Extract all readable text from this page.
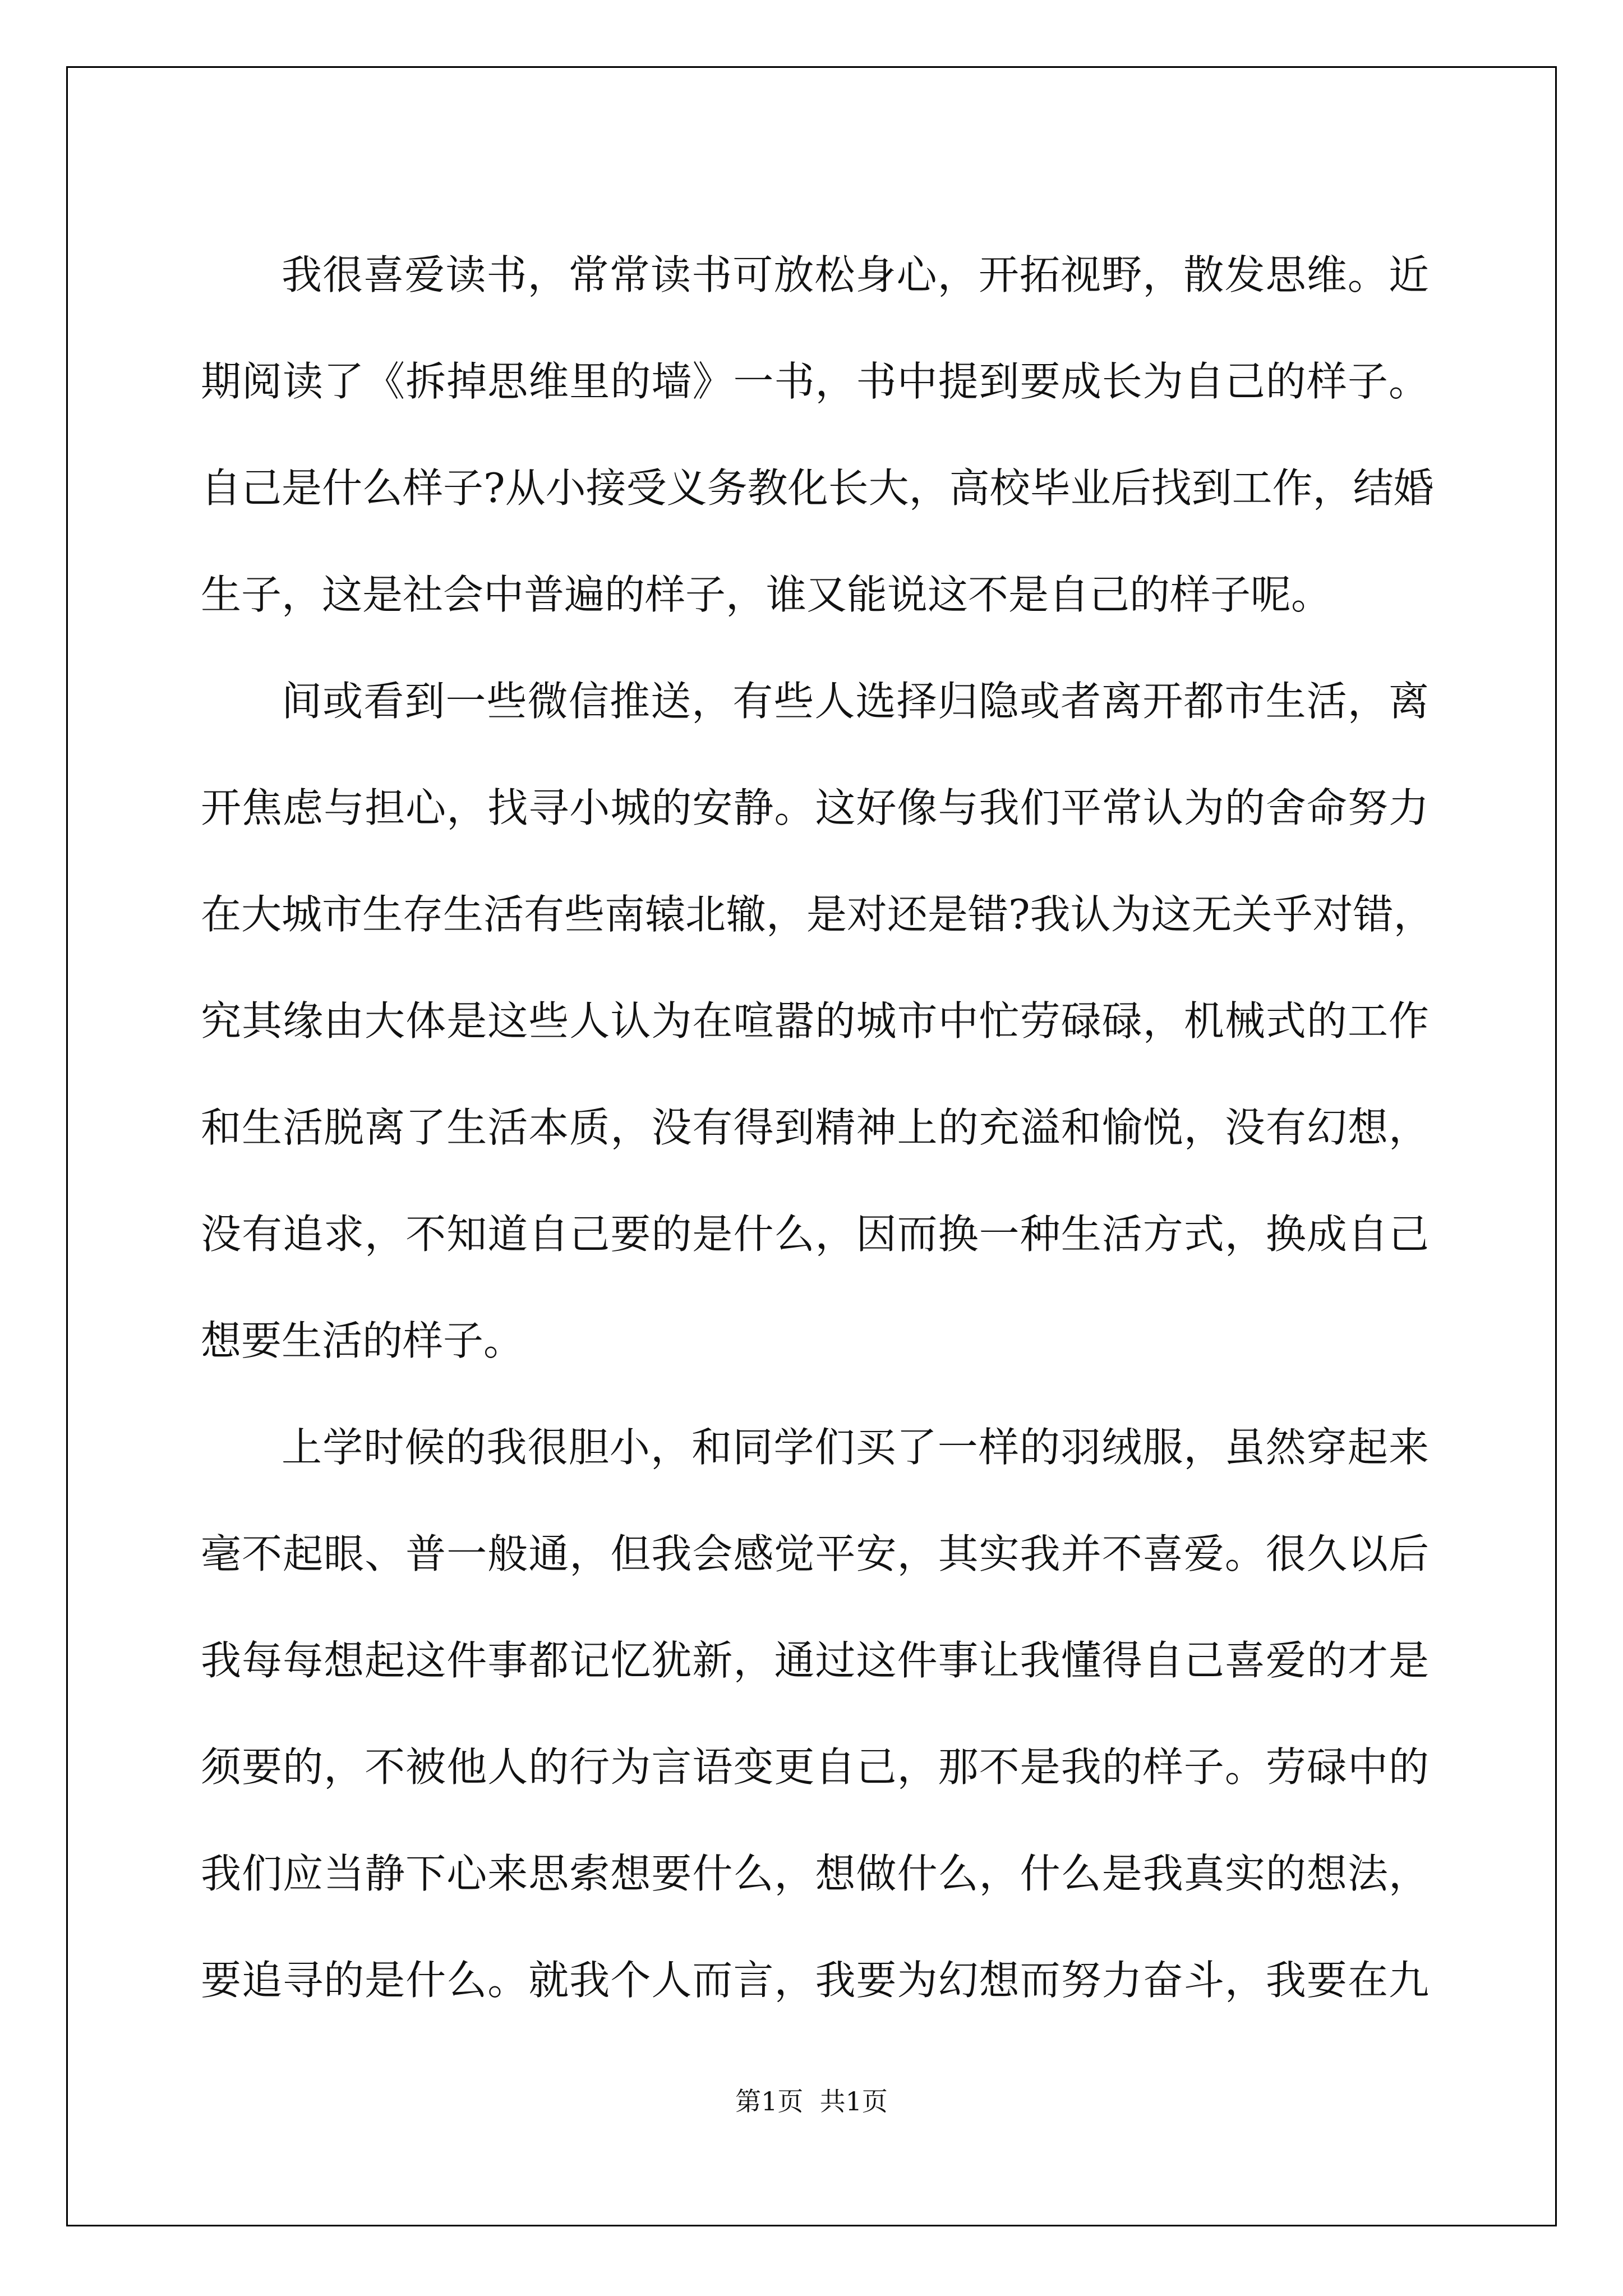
我很喜爱读书，常常读书可放松身心，开拓视野，散发思维。近
期阅读了《拆掉思维里的墙》一书，书中提到要成长为自己的样子。
自己是什么样子?从小接受义务教化长大，高校毕业后找到工作，结婚
生子，这是社会中普遍的样子，谁又能说这不是自己的样子呢。
间或看到一些微信推送，有些人选择归隐或者离开都市生活，离
开焦虑与担心，找寻小城的安静。这好像与我们平常认为的舍命努力
在大城市生存生活有些南辕北辙，是对还是错?我认为这无关乎对错，
究其缘由大体是这些人认为在喧嚣的城市中忙劳碌碌，机械式的工作
和生活脱离了生活本质，没有得到精神上的充溢和愉悦，没有幻想，
没有追求，不知道自己要的是什么，因而换一种生活方式，换成自己
想要生活的样子。
上学时候的我很胆小，和同学们买了一样的羽绒服，虽然穿起来
毫不起眼、普一般通，但我会感觉平安，其实我并不喜爱。很久以后
我每每想起这件事都记忆犹新，通过这件事让我懂得自己喜爱的才是
须要的，不被他人的行为言语变更自己，那不是我的样子。劳碌中的
我们应当静下心来思索想要什么，想做什么，什么是我真实的想法，
要追寻的是什么。就我个人而言，我要为幻想而努力奋斗，我要在九
第1页  共1页
